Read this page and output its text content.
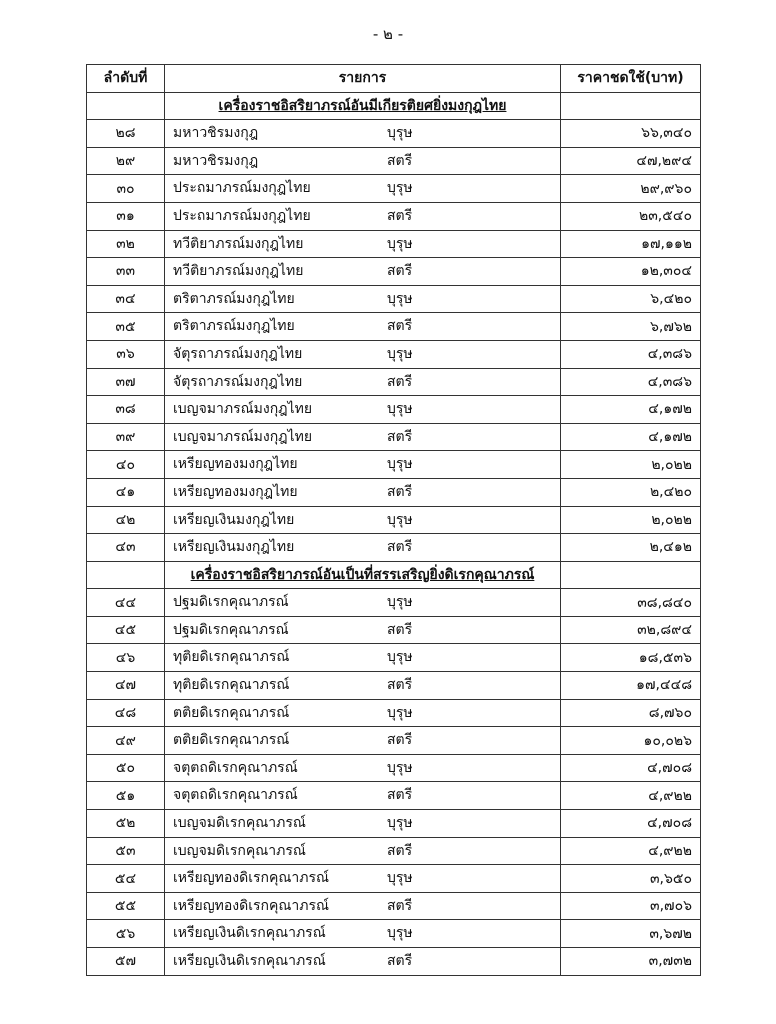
- ๒ -
ลำดับที่	รายการ	ราคาชดใช้(บาท)
	เครื่องราชอิสริยาภรณ์อันมีเกียรติยศยิ่งมงกุฎไทย	
๒๘	มหาวชิรมงกุฎ บุรุษ	๖๖,๓๔๐
๒๙	มหาวชิรมงกุฎ สตรี	๔๗,๒๙๔
๓๐	ประถมาภรณ์มงกุฎไทย บุรุษ	๒๙,๙๖๐
๓๑	ประถมาภรณ์มงกุฎไทย สตรี	๒๓,๕๔๐
๓๒	ทวีติยาภรณ์มงกุฎไทย บุรุษ	๑๗,๑๑๒
๓๓	ทวีติยาภรณ์มงกุฎไทย สตรี	๑๒,๓๐๔
๓๔	ตริตาภรณ์มงกุฎไทย บุรุษ	๖,๔๒๐
๓๕	ตริตาภรณ์มงกุฎไทย สตรี	๖,๗๖๒
๓๖	จัตุรถาภรณ์มงกุฎไทย บุรุษ	๔,๓๘๖
๓๗	จัตุรถาภรณ์มงกุฎไทย สตรี	๔,๓๘๖
๓๘	เบญจมาภรณ์มงกุฎไทย บุรุษ	๔,๑๗๒
๓๙	เบญจมาภรณ์มงกุฎไทย สตรี	๔,๑๗๒
๔๐	เหรียญทองมงกุฎไทย บุรุษ	๒,๐๒๒
๔๑	เหรียญทองมงกุฎไทย สตรี	๒,๔๒๐
๔๒	เหรียญเงินมงกุฎไทย บุรุษ	๒,๐๒๒
๔๓	เหรียญเงินมงกุฎไทย สตรี	๒,๔๑๒
	เครื่องราชอิสริยาภรณ์อันเป็นที่สรรเสริญยิ่งดิเรกคุณาภรณ์	
๔๔	ปฐมดิเรกคุณาภรณ์ บุรุษ	๓๘,๘๔๐
๔๕	ปฐมดิเรกคุณาภรณ์ สตรี	๓๒,๘๙๔
๔๖	ทุติยดิเรกคุณาภรณ์ บุรุษ	๑๘,๕๓๖
๔๗	ทุติยดิเรกคุณาภรณ์ สตรี	๑๗,๔๔๘
๔๘	ตติยดิเรกคุณาภรณ์ บุรุษ	๘,๗๖๐
๔๙	ตติยดิเรกคุณาภรณ์ สตรี	๑๐,๐๒๖
๕๐	จตุตถดิเรกคุณาภรณ์ บุรุษ	๔,๗๐๘
๕๑	จตุตถดิเรกคุณาภรณ์ สตรี	๔,๙๒๒
๕๒	เบญจมดิเรกคุณาภรณ์ บุรุษ	๔,๗๐๘
๕๓	เบญจมดิเรกคุณาภรณ์ สตรี	๔,๙๒๒
๕๔	เหรียญทองดิเรกคุณาภรณ์ บุรุษ	๓,๖๕๐
๕๕	เหรียญทองดิเรกคุณาภรณ์ สตรี	๓,๗๐๖
๕๖	เหรียญเงินดิเรกคุณาภรณ์ บุรุษ	๓,๖๗๒
๕๗	เหรียญเงินดิเรกคุณาภรณ์ สตรี	๓,๗๓๒
